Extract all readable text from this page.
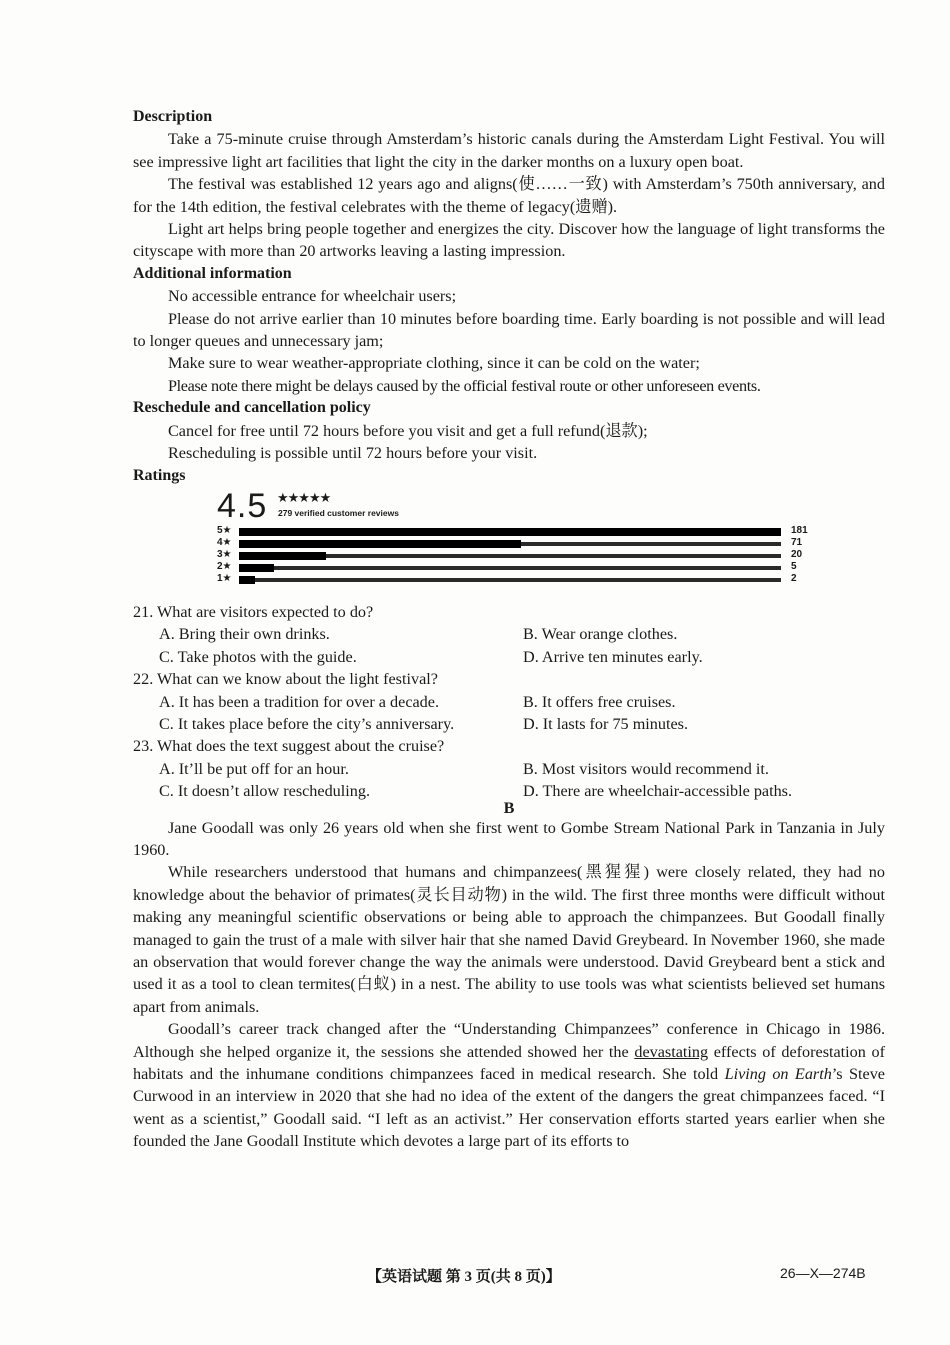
Description

Take a 75-minute cruise through Amsterdam’s historic canals during the Amsterdam Light Festival. You will see impressive light art facilities that light the city in the darker months on a luxury open boat.

The festival was established 12 years ago and aligns(使……一致) with Amsterdam’s 750th anniversary, and for the 14th edition, the festival celebrates with the theme of legacy(遗赠).

Light art helps bring people together and energizes the city. Discover how the language of light transforms the cityscape with more than 20 artworks leaving a lasting impression.

Additional information

No accessible entrance for wheelchair users;

Please do not arrive earlier than 10 minutes before boarding time. Early boarding is not possible and will lead to longer queues and unnecessary jam;

Make sure to wear weather-appropriate clothing, since it can be cold on the water;

Please note there might be delays caused by the official festival route or other unforeseen events.

Reschedule and cancellation policy

Cancel for free until 72 hours before you visit and get a full refund(退款);

Rescheduling is possible until 72 hours before your visit.

Ratings
4.5 ★★★★★
279 verified customer reviews
5★	181
4★	71
3★	20
2★	5
1★	2

21. What are visitors expected to do?

A. Bring their own drinks.	B. Wear orange clothes.
C. Take photos with the guide.	D. Arrive ten minutes early.

22. What can we know about the light festival?

A. It has been a tradition for over a decade.	B. It offers free cruises.
C. It takes place before the city’s anniversary.	D. It lasts for 75 minutes.

23. What does the text suggest about the cruise?

A. It’ll be put off for an hour.	B. Most visitors would recommend it.
C. It doesn’t allow rescheduling.	D. There are wheelchair-accessible paths.
B

Jane Goodall was only 26 years old when she first went to Gombe Stream National Park in Tanzania in July 1960.

While researchers understood that humans and chimpanzees(黑猩猩) were closely related, they had no knowledge about the behavior of primates(灵长目动物) in the wild. The first three months were difficult without making any meaningful scientific observations or being able to approach the chimpanzees. But Goodall finally managed to gain the trust of a male with silver hair that she named David Greybeard. In November 1960, she made an observation that would forever change the way the animals were understood. David Greybeard bent a stick and used it as a tool to clean termites(白蚁) in a nest. The ability to use tools was what scientists believed set humans apart from animals.

Goodall’s career track changed after the “Understanding Chimpanzees” conference in Chicago in 1986. Although she helped organize it, the sessions she attended showed her the devastating effects of deforestation of habitats and the inhumane conditions chimpanzees faced in medical research. She told Living on Earth’s Steve Curwood in an interview in 2020 that she had no idea of the extent of the dangers the great chimpanzees faced. “I went as a scientist,” Goodall said. “I left as an activist.” Her conservation efforts started years earlier when she founded the Jane Goodall Institute which devotes a large part of its efforts to

【英语试题 第 3 页(共 8 页)】	26—X—274B
